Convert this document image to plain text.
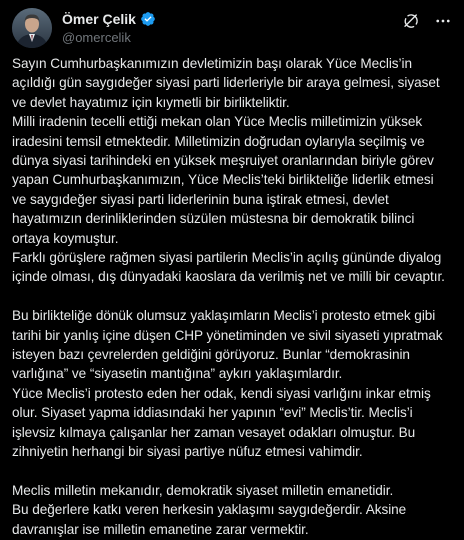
Ömer Çelik
@omercelik
Sayın Cumhurbaşkanımızın devletimizin başı olarak Yüce Meclis’in
açıldığı gün saygıdeğer siyasi parti liderleriyle bir araya gelmesi, siyaset
ve devlet hayatımız için kıymetli bir birlikteliktir.
Milli iradenin tecelli ettiği mekan olan Yüce Meclis milletimizin yüksek
iradesini temsil etmektedir. Milletimizin doğrudan oylarıyla seçilmiş ve
dünya siyasi tarihindeki en yüksek meşruiyet oranlarından biriyle görev
yapan Cumhurbaşkanımızın, Yüce Meclis’teki birlikteliğe liderlik etmesi
ve saygıdeğer siyasi parti liderlerinin buna iştirak etmesi, devlet
hayatımızın derinliklerinden süzülen müstesna bir demokratik bilinci
ortaya koymuştur.
Farklı görüşlere rağmen siyasi partilerin Meclis’in açılış gününde diyalog
içinde olması, dış dünyadaki kaoslara da verilmiş net ve milli bir cevaptır.
Bu birlikteliğe dönük olumsuz yaklaşımların Meclis’i protesto etmek gibi
tarihi bir yanlış içine düşen CHP yönetiminden ve sivil siyaseti yıpratmak
isteyen bazı çevrelerden geldiğini görüyoruz. Bunlar “demokrasinin
varlığına” ve “siyasetin mantığına” aykırı yaklaşımlardır.
Yüce Meclis’i protesto eden her odak, kendi siyasi varlığını inkar etmiş
olur. Siyaset yapma iddiasındaki her yapının “evi” Meclis’tir. Meclis’i
işlevsiz kılmaya çalışanlar her zaman vesayet odakları olmuştur. Bu
zihniyetin herhangi bir siyasi partiye nüfuz etmesi vahimdir.
Meclis milletin mekanıdır, demokratik siyaset milletin emanetidir.
Bu değerlere katkı veren herkesin yaklaşımı saygıdeğerdir. Aksine
davranışlar ise milletin emanetine zarar vermektir.
